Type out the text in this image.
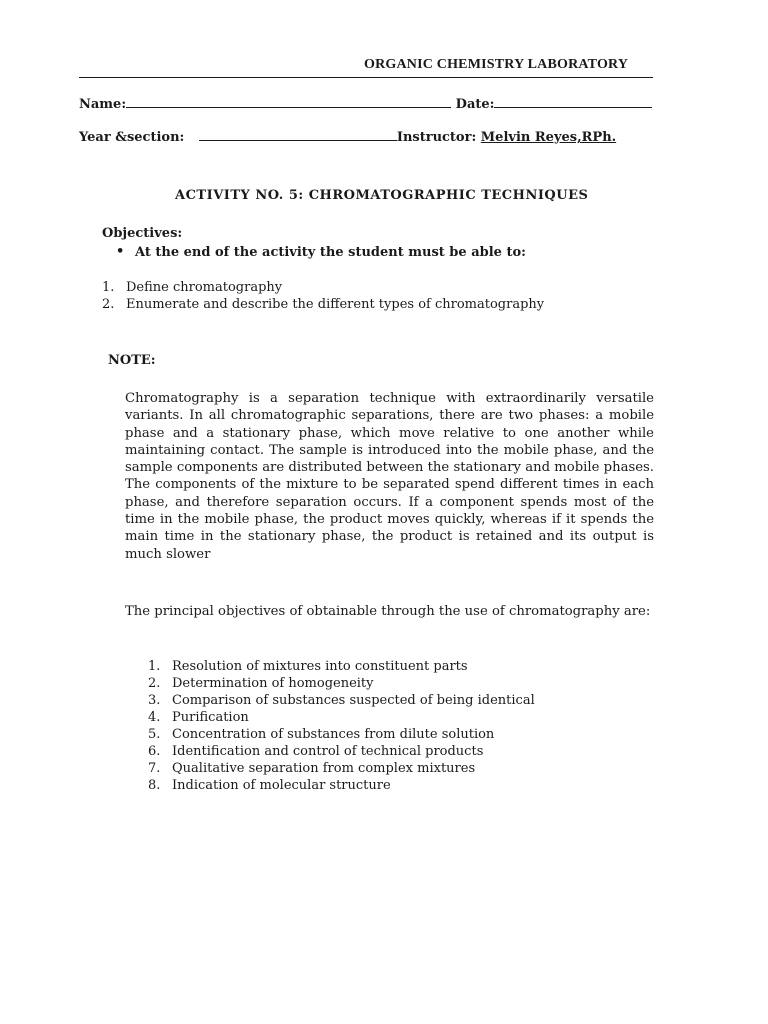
ORGANIC CHEMISTRY LABORATORY
Name:	Date:
Year &section:	Instructor: Melvin Reyes,RPh.
ACTIVITY NO. 5: CHROMATOGRAPHIC TECHNIQUES
Objectives:
• At the end of the activity the student must be able to:
1. Define chromatography
2. Enumerate and describe the different types of chromatography
NOTE:

Chromatography is a separation technique with extraordinarily versatile variants. In all chromatographic separations, there are two phases: a mobile phase and a stationary phase, which move relative to one another while maintaining contact. The sample is introduced into the mobile phase, and the sample components are distributed between the stationary and mobile phases. The components of the mixture to be separated spend different times in each phase, and therefore separation occurs. If a component spends most of the time in the mobile phase, the product moves quickly, whereas if it spends the main time in the stationary phase, the product is retained and its output is much slower

The principal objectives of obtainable through the use of chromatography are:

1. Resolution of mixtures into constituent parts
2. Determination of homogeneity
3. Comparison of substances suspected of being identical
4. Purification
5. Concentration of substances from dilute solution
6. Identification and control of technical products
7. Qualitative separation from complex mixtures
8. Indication of molecular structure
